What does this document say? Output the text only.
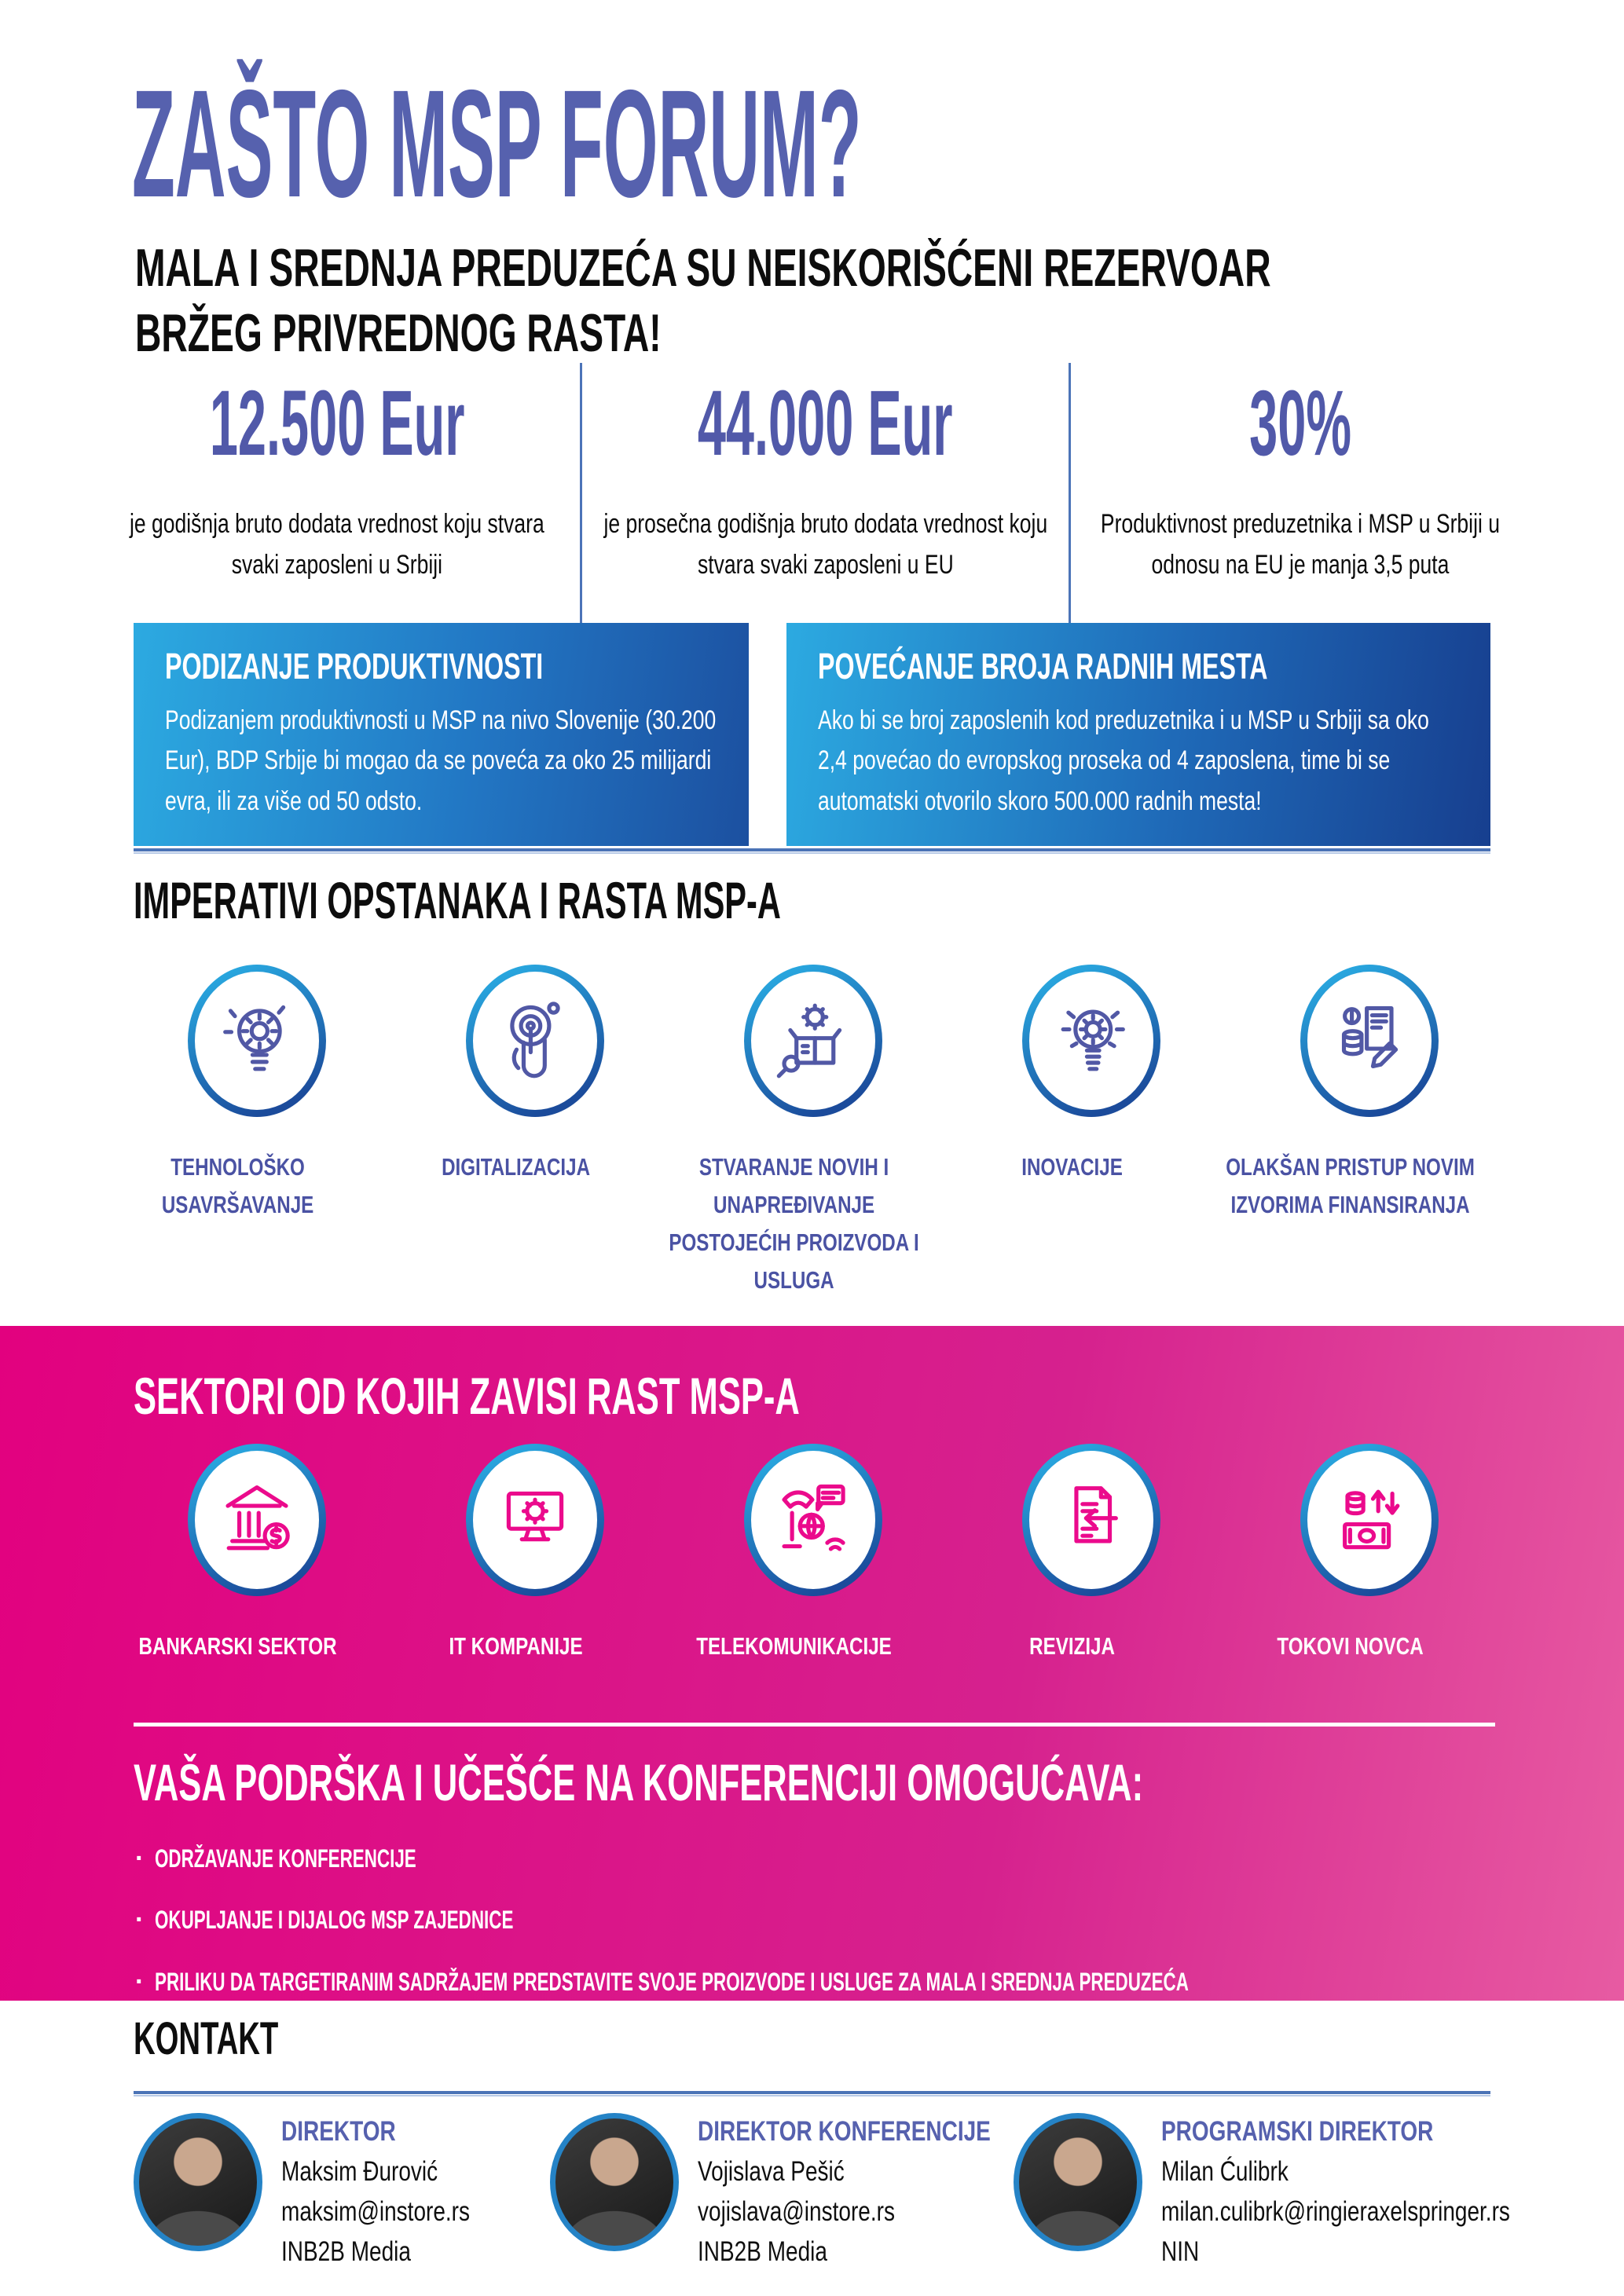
ZAŠTO MSP FORUM?
MALA I SREDNJA PREDUZEĆA SU NEISKORIŠĆENI REZERVOAR
BRŽEG PRIVREDNOG RASTA!
12.500 Eur
je godišnja bruto dodata vrednost koju stvara svaki zaposleni u Srbiji
44.000 Eur
je prosečna godišnja bruto dodata vrednost koju stvara svaki zaposleni u EU
30%
Produktivnost preduzetnika i MSP u Srbiji u odnosu na EU je manja 3,5 puta
PODIZANJE PRODUKTIVNOSTI
Podizanjem produktivnosti u MSP na nivo Slovenije (30.200 Eur), BDP Srbije bi mogao da se poveća za oko 25 milijardi evra, ili za više od 50 odsto.
POVEĆANJE BROJA RADNIH MESTA
Ako bi se broj zaposlenih kod preduzetnika i u MSP u Srbiji sa oko 2,4 povećao do evropskog proseka od 4 zaposlena, time bi se automatski otvorilo skoro 500.000 radnih mesta!
IMPERATIVI OPSTANAKA I RASTA MSP-A
TEHNOLOŠKO USAVRŠAVANJE
DIGITALIZACIJA	STVARANJE NOVIH I UNAPREĐIVANJE POSTOJEĆIH PROIZVODA I USLUGA
INOVACIJE	OLAKŠAN PRISTUP NOVIM IZVORIMA FINANSIRANJA
SEKTORI OD KOJIH ZAVISI RAST MSP-A
BANKARSKI SEKTOR	IT KOMPANIJE	TELEKOMUNIKACIJE	REVIZIJA	TOKOVI NOVCA
VAŠA PODRŠKA I UČEŠĆE NA KONFERENCIJI OMOGUĆAVA:
· ODRŽAVANJE KONFERENCIJE
· OKUPLJANJE I DIJALOG MSP ZAJEDNICE
· PRILIKU DA TARGETIRANIM SADRŽAJEM PREDSTAVITE SVOJE PROIZVODE I USLUGE ZA MALA I SREDNJA PREDUZEĆA
KONTAKT
DIREKTOR
Maksim Đurović
maksim@instore.rs
INB2B Media
DIREKTOR KONFERENCIJE
Vojislava Pešić
vojislava@instore.rs
INB2B Media
PROGRAMSKI DIREKTOR
Milan Ćulibrk
milan.culibrk@ringieraxelspringer.rs
NIN
